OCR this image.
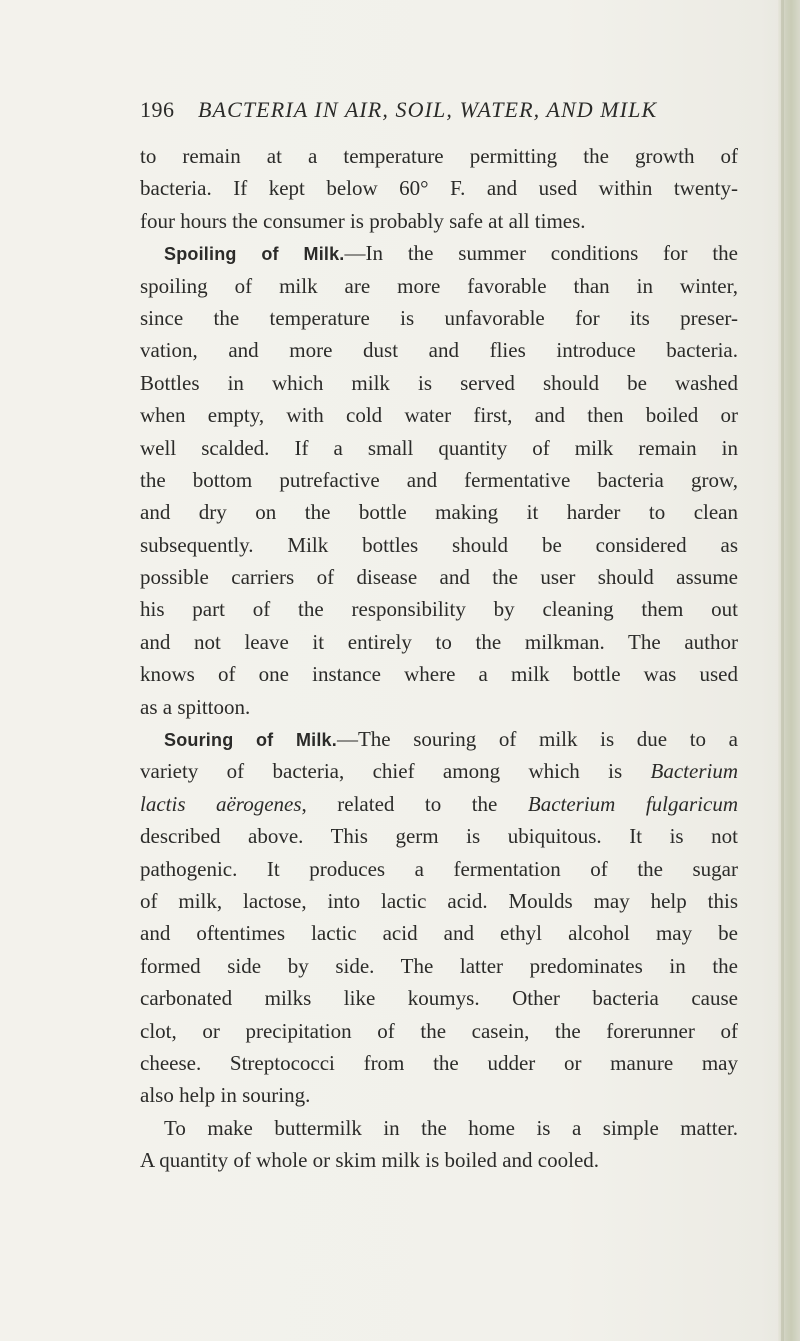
196 BACTERIA IN AIR, SOIL, WATER, AND MILK
to remain at a temperature permitting the growth of
bacteria. If kept below 60° F. and used within twenty-
four hours the consumer is probably safe at all times.
Spoiling of Milk.—In the summer conditions for the
spoiling of milk are more favorable than in winter,
since the temperature is unfavorable for its preser-
vation, and more dust and flies introduce bacteria.
Bottles in which milk is served should be washed
when empty, with cold water first, and then boiled or
well scalded. If a small quantity of milk remain in
the bottom putrefactive and fermentative bacteria grow,
and dry on the bottle making it harder to clean
subsequently. Milk bottles should be considered as
possible carriers of disease and the user should assume
his part of the responsibility by cleaning them out
and not leave it entirely to the milkman. The author
knows of one instance where a milk bottle was used
as a spittoon.
Souring of Milk.—The souring of milk is due to a
variety of bacteria, chief among which is Bacterium
lactis aërogenes, related to the Bacterium fulgaricum
described above. This germ is ubiquitous. It is not
pathogenic. It produces a fermentation of the sugar
of milk, lactose, into lactic acid. Moulds may help this
and oftentimes lactic acid and ethyl alcohol may be
formed side by side. The latter predominates in the
carbonated milks like koumys. Other bacteria cause
clot, or precipitation of the casein, the forerunner of
cheese. Streptococci from the udder or manure may
also help in souring.
To make buttermilk in the home is a simple matter.
A quantity of whole or skim milk is boiled and cooled.
